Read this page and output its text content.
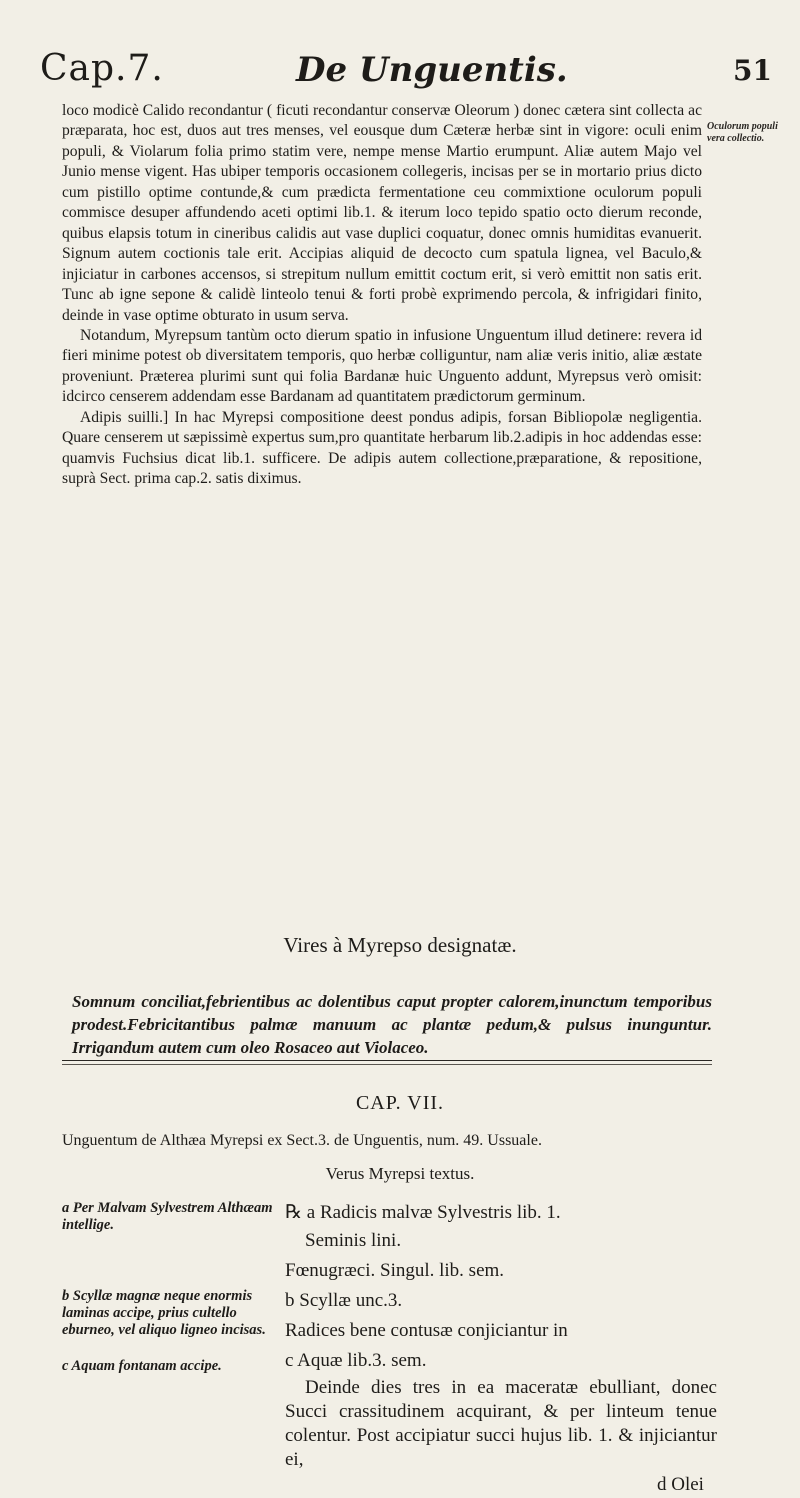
Cap.7.	De Unguentis.	51
Oculorum populi vera collectio.

loco modicè Calido recondantur ( ficuti recondantur conservæ Oleorum ) donec cætera sint collecta ac præparata, hoc est, duos aut tres menses, vel eousque dum Cæteræ herbæ sint in vigore: oculi enim populi, & Violarum folia primo statim vere, nempe mense Martio erumpunt. Aliæ autem Majo vel Junio mense vigent. Has ubiper temporis occasionem collegeris, incisas per se in mortario prius dicto cum pistillo optime contunde,& cum prædicta fermentatione ceu commixtione oculorum populi commisce desuper affundendo aceti optimi lib.1. & iterum loco tepido spatio octo dierum reconde, quibus elapsis totum in cineribus calidis aut vase duplici coquatur, donec omnis humiditas evanuerit. Signum autem coctionis tale erit. Accipias aliquid de decocto cum spatula lignea, vel Baculo,& injiciatur in carbones accensos, si strepitum nullum emittit coctum erit, si verò emittit non satis erit. Tunc ab igne sepone & calidè linteolo tenui & forti probè exprimendo percola, & infrigidari finito, deinde in vase optime obturato in usum serva.

Notandum, Myrepsum tantùm octo dierum spatio in infusione Unguentum illud detinere: revera id fieri minime potest ob diversitatem temporis, quo herbæ colliguntur, nam aliæ veris initio, aliæ æstate proveniunt. Præterea plurimi sunt qui folia Bardanæ huic Unguento addunt, Myrepsus verò omisit: idcirco censerem addendam esse Bardanam ad quantitatem prædictorum germinum.

Adipis suilli.] In hac Myrepsi compositione deest pondus adipis, forsan Bibliopolæ negligentia. Quare censerem ut sæpissimè expertus sum,pro quantitate herbarum lib.2.adipis in hoc addendas esse: quamvis Fuchsius dicat lib.1. sufficere. De adipis autem collectione,præparatione, & repositione, suprà Sect. prima cap.2. satis diximus.

Vires à Myrepso designatæ.
Somnum conciliat,febrientibus ac dolentibus caput propter calorem,inunctum temporibus prodest.Febricitantibus palmæ manuum ac plantæ pedum,& pulsus inunguntur. Irrigandum autem cum oleo Rosaceo aut Violaceo.
CAP. VII.
Unguentum de Althæa Myrepsi ex Sect.3. de Unguentis, num. 49. Ussuale.
Verus Myrepsi textus.
a Per Malvam Sylvestrem Althæam intellige.
b Scyllæ magnæ neque enormis laminas accipe, prius cultello eburneo, vel aliquo ligneo incisas.
c Aquam fontanam accipe.
℞ a Radicis malvæ Sylvestris lib. 1.
Seminis lini.
Fœnugræci. Singul. lib. sem.
b Scyllæ unc.3.
Radices bene contusæ conjiciantur in
c Aquæ lib.3. sem.
Deinde dies tres in ea maceratæ ebulliant, donec Succi crassitudinem acquirant, & per linteum tenue colentur. Post accipiatur succi hujus lib. 1. & injiciantur ei,
d Olei
